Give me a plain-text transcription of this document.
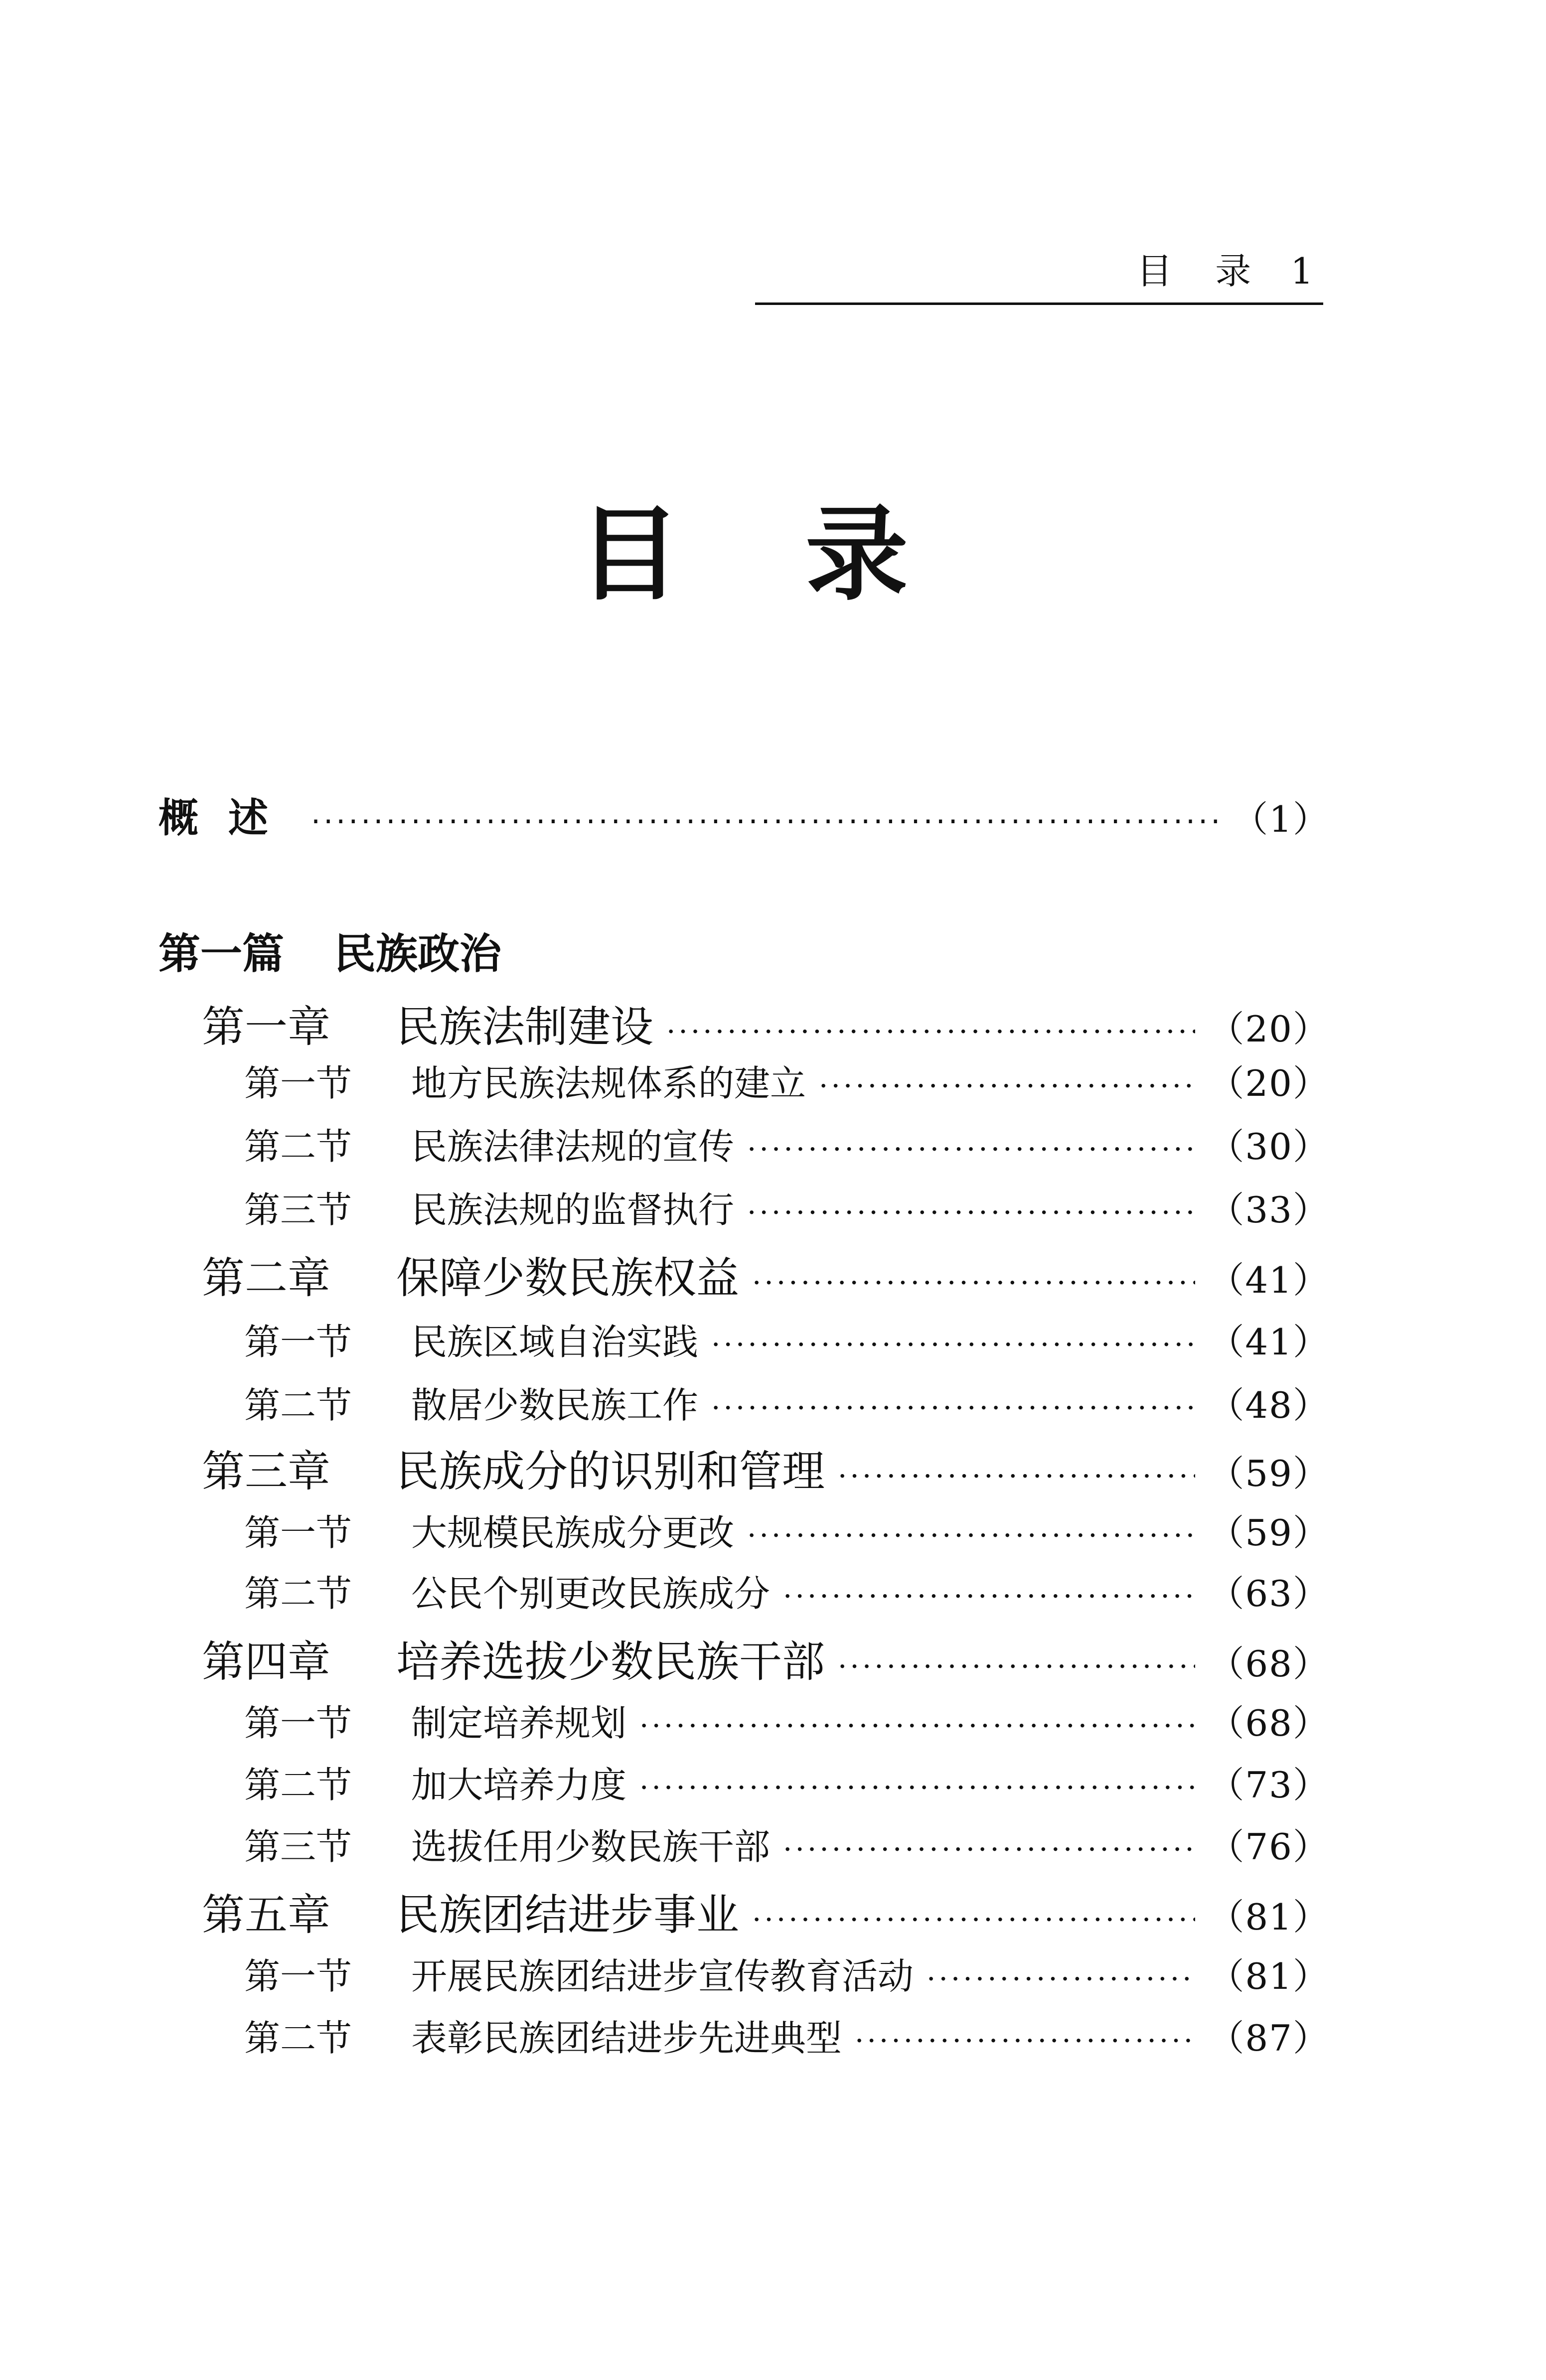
目录 1
目录
概述 ·····	（1）
第一篇 民族政治
第一章	民族法制建设 ·····	（20）
第一节	地方民族法规体系的建立 ·····	（20）
第二节	民族法律法规的宣传 ·····	（30）
第三节	民族法规的监督执行 ·····	（33）
第二章	保障少数民族权益 ·····	（41）
第一节	民族区域自治实践 ·····	（41）
第二节	散居少数民族工作 ·····	（48）
第三章	民族成分的识别和管理 ·····	（59）
第一节	大规模民族成分更改 ·····	（59）
第二节	公民个别更改民族成分 ·····	（63）
第四章	培养选拔少数民族干部 ·····	（68）
第一节	制定培养规划 ·····	（68）
第二节	加大培养力度 ·····	（73）
第三节	选拔任用少数民族干部 ·····	（76）
第五章	民族团结进步事业 ·····	（81）
第一节	开展民族团结进步宣传教育活动 ·····	（81）
第二节	表彰民族团结进步先进典型 ·····	（87）
